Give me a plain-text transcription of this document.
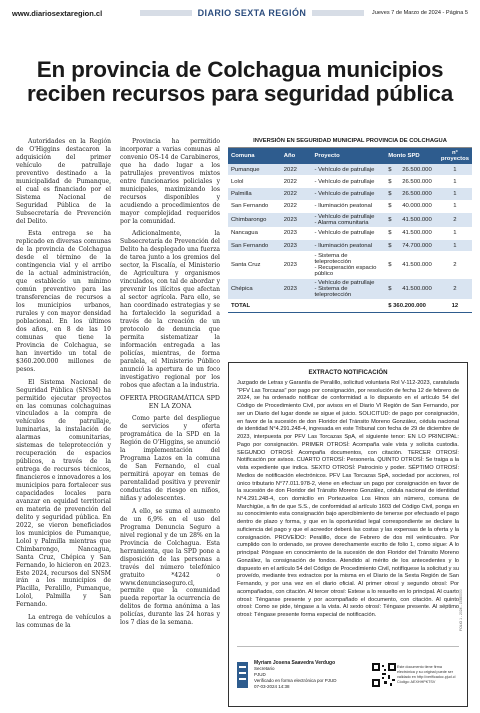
www.diariosextaregion.cl	DIARIO SEXTA REGIÓN	Jueves 7 de Marzo de 2024 - Página 5
En provincia de Colchagua municipios reciben recursos para seguridad pública

Autoridades en la Región de O'Higgins destacaron la adquisición del primer vehículo de patrullaje preventivo destinado a la municipalidad de Pumanque, el cual es financiado por el Sistema Nacional de Seguridad Pública de la Subsecretaría de Prevención del Delito.

Esta entrega se ha replicado en diversas comunas de la provincia de Colchagua desde el término de la contingencia vial y el arribo de la actual administración, que establecío un mínimo común preventivo para las transferencias de recursos a los municipios urbanos, rurales y con mayor densidad poblacional. En los últimos dos años, en 8 de las 10 comunas que tiene la Provincia de Colchagua, se han invertido un total de $360.200.000 millones de pesos.

El Sistema Nacional de Seguridad Pública (SNSM) ha permitido ejecutar proyectos en las comunas colchaguinas vinculados a la compra de vehículos de patrullaje, luminarias, la instalación de alarmas comunitarias, sistemas de teleprotección y recuperación de espacios públicos, a través de la entrega de recursos técnicos, financieros e innovadores a los municipios para fortalecer sus capacidades locales para avanzar en equidad territorial en materia de prevención del delito y seguridad pública. En 2022, se vieron beneficiados los municipios de Pumanque, Lolol y Palmilla mientras que Chimbarongo, Nancagua, Santa Cruz, Chépica y San Fernando, lo hicieron en 2023. Este 2024, recursos del SNSM irán a los municipios de Placilla, Peralillo, Pumanque, Lolol, Palmilla y San Fernando.

La entrega de vehículos a las comunas de la

Provincia ha permitido incorporar a varias comunas al convenio OS-14 de Carabineros, que ha dado lugar a los patrullajes preventivos mixtos entre funcionarios policiales y municipales, maximizando los recursos disponibles y acudiendo a procedimientos de mayor complejidad requeridos por la comunidad.

Adicionalmente, la Subsecretaría de Prevención del Delito ha desplegado una fuerza de tarea junto a los gremios del sector, la Fiscalía, el Ministerio de Agricultura y organismos vinculados, con tal de abordar y prevenir los ilícitos que afectan al sector agrícola. Para ello, se han coordinado estrategias y se ha fortalecido la seguridad a través de la creación de un protocolo de denuncia que permita sistematizar la información entregada a las policías, mientras, de forma paralela, el Ministerio Público anunció la apertura de un foco investigativo regional por los robos que afectan a la industria.

OFERTA PROGRAMÁTICA SPD EN LA ZONA

Como parte del despliegue de servicios y oferta programática de la SPD en la Región de O'Higgins, se anunció la implementación del Programa Lazos en la comuna de San Fernando, el cual permitirá apoyar en temas de parentalidad positiva y prevenir conductas de riesgo en niños, niñas y adolescentes.

A ello, se suma el aumento de un 6,9% en el uso del Programa Denuncia Seguro a nivel regional y de un 28% en la Provincia de Colchagua. Esta herramienta, que la SPD pone a disposición de las personas a través del número telefónico gratuito *4242 o www.denunciaseguro.cl, permite que la comunidad pueda reportar la ocurrencia de delitos de forma anónima a las policías, durante las 24 horas y los 7 días de la semana.

INVERSIÓN EN SEGURIDAD MUNICIPAL PROVINCIA DE COLCHAGUA
Comuna	Año	Proyecto	Monto SPD	n° proyectos
Pumanque	2022	- Vehículo de patrullaje	$ 26.500.000	1
Lolol	2022	- Vehículo de patrullaje	$ 26.500.000	1
Palmilla	2022	- Vehículo de patrullaje	$ 26.500.000	1
San Fernando	2022	- Iluminación peatonal	$ 40.000.000	1
Chimbarongo	2023	- Vehículo de patrullaje
- Alarma comunitaria	$ 41.500.000	2
Nancagua	2023	- Vehículo de patrullaje	$ 41.500.000	1
San Fernando	2023	- Iluminación peatonal	$ 74.700.000	1
Santa Cruz	2023	- Sistema de teleprotección
- Recuperación espacio público	$ 41.500.000	2
Chépica	2023	- Vehículo de patrullaje
- Sistema de teleprotección	$ 41.500.000	2
TOTAL			$ 360.200.000	12
EXTRACTO NOTIFICACIÓN
Juzgado de Letras y Garantía de Peralillo, solicitud voluntaria Rol V-112-2023, caratulada "PFV Las Torcazas" por pago por consignación, por resolución de fecha 12 de febrero de 2024, se ha ordenado notificar de conformidad a lo dispuesto en el artículo 54 del Código de Procedimiento Civil, por avisos en el Diario VI Región de San Fernando, por ser un Diario del lugar donde se sigue el juicio. SOLICITUD: de pago por consignación, en favor de la sucesión de don Floridor del Tránsito Moreno González, cédula nacional de identidad N°4.291.248-4, ingresada en este Tribunal con fecha de 29 de diciembre de 2023, interpuesta por PFV Las Torcazas SpA, el siguiente tenor: EN LO PRINCIPAL: Pago por consignación. PRIMER OTROSÍ: Acompaña vale vista y solicita custodia. SEGUNDO OTROSÍ: Acompaña documentos, con citación. TERCER OTROSÍ: Notificación por avisos. CUARTO OTROSÍ: Personería. QUINTO OTROSÍ: Se traiga a la vista expediente que indica. SEXTO OTROSÍ: Patrocinio y poder. SÉPTIMO OTROSÍ: Medios de notificación electrónicos. PFV Las Torcazas SpA, sociedad por acciones, rol único tributario N°77.011.978-2, viene en efectuar un pago por consignación en favor de la sucesión de don Floridor del Tránsito Moreno González, cédula nacional de identidad N°4.291.248-4, con domicilio en Portezuelos Los Hinos sin número, comuna de Marchigüe, a fin de que S.S., de conformidad al artículo 1603 del Código Civil, ponga en su conocimiento esta consignación bajo apercibimiento de tenerse por efectuado el pago dentro de plazo y forma, y que en la oportunidad legal correspondiente se declare la suficiencia del pago y que el acreedor deberá las costas y las expensas de la oferta y la consignación. PROVEÍDO: Peralillo, doce de Febrero de dos mil veinticuatro. Por cumplido con lo ordenado, se provee derechamente escrito de folio 1, como sigue: A lo principal: Póngase en conocimiento de la sucesión de don Floridor del Tránsito Moreno González, la consignación de fondos. Atendido al mérito de los antecedentes y lo dispuesto en el artículo 54 del Código de Procedimiento Civil, notifíquese la solicitud y su proveído, mediante tres extractos por la misma en el Diario de la Sexta Región de San Fernando, y por una vez en el diario oficial. Al primer otrosí y segundo otrosí: Por acompañados, con citación. Al tercer otrosí: Estese a lo resuelto en lo principal. Al cuarto otrosí: Ténganse presente y por acompañado el documento, con citación. Al quinto otrosí: Como se pide, téngase a la vista. Al sexto otrosí: Téngase presente. Al séptimo otrosí: Téngase presente forma especial de notificación.	FOLIO 1 - 2024 - 15380000
Myriam Josena Saavedra Verdugo
Secretario
PJUD
Verificado en forma electrónica por PJUD
07-03-2024 14:38
Este documento tiene firma electrónica y su original puede ser validado en http://verificadoc.pjud.cl Código: AEXHHPKTSV
